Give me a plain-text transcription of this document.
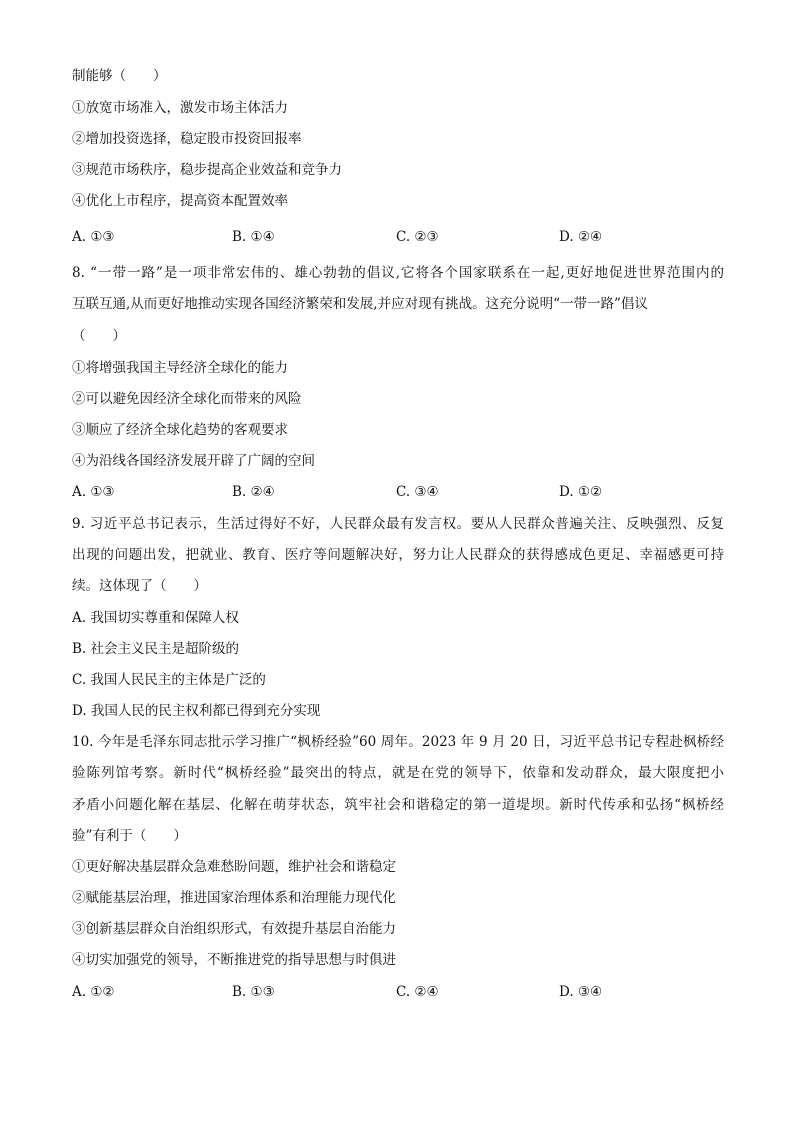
制能够（　　）
①放宽市场准入，激发市场主体活力
②增加投资选择，稳定股市投资回报率
③规范市场秩序，稳步提高企业效益和竞争力
④优化上市程序，提高资本配置效率
A. ①③	B. ①④	C. ②③	D. ②④
8. “一带一路”是一项非常宏伟的、雄心勃勃的倡议,它将各个国家联系在一起,更好地促进世界范围内的
互联互通,从而更好地推动实现各国经济繁荣和发展,并应对现有挑战。这充分说明“一带一路”倡议
（　　）
①将增强我国主导经济全球化的能力
②可以避免因经济全球化而带来的风险
③顺应了经济全球化趋势的客观要求
④为沿线各国经济发展开辟了广阔的空间
A. ①③	B. ②④	C. ③④	D. ①②
9. 习近平总书记表示，生活过得好不好，人民群众最有发言权。要从人民群众普遍关注、反映强烈、反复
出现的问题出发，把就业、教育、医疗等问题解决好，努力让人民群众的获得感成色更足、幸福感更可持
续。这体现了（　　）
A. 我国切实尊重和保障人权
B. 社会主义民主是超阶级的
C. 我国人民民主的主体是广泛的
D. 我国人民的民主权利都已得到充分实现
10. 今年是毛泽东同志批示学习推广“枫桥经验”60 周年。2023 年 9 月 20 日，习近平总书记专程赴枫桥经
验陈列馆考察。新时代“枫桥经验”最突出的特点，就是在党的领导下，依靠和发动群众，最大限度把小
矛盾小问题化解在基层、化解在萌芽状态，筑牢社会和谐稳定的第一道堤坝。新时代传承和弘扬“枫桥经
验”有利于（　　）
①更好解决基层群众急难愁盼问题，维护社会和谐稳定
②赋能基层治理，推进国家治理体系和治理能力现代化
③创新基层群众自治组织形式，有效提升基层自治能力
④切实加强党的领导，不断推进党的指导思想与时俱进
A. ①②	B. ①③	C. ②④	D. ③④
